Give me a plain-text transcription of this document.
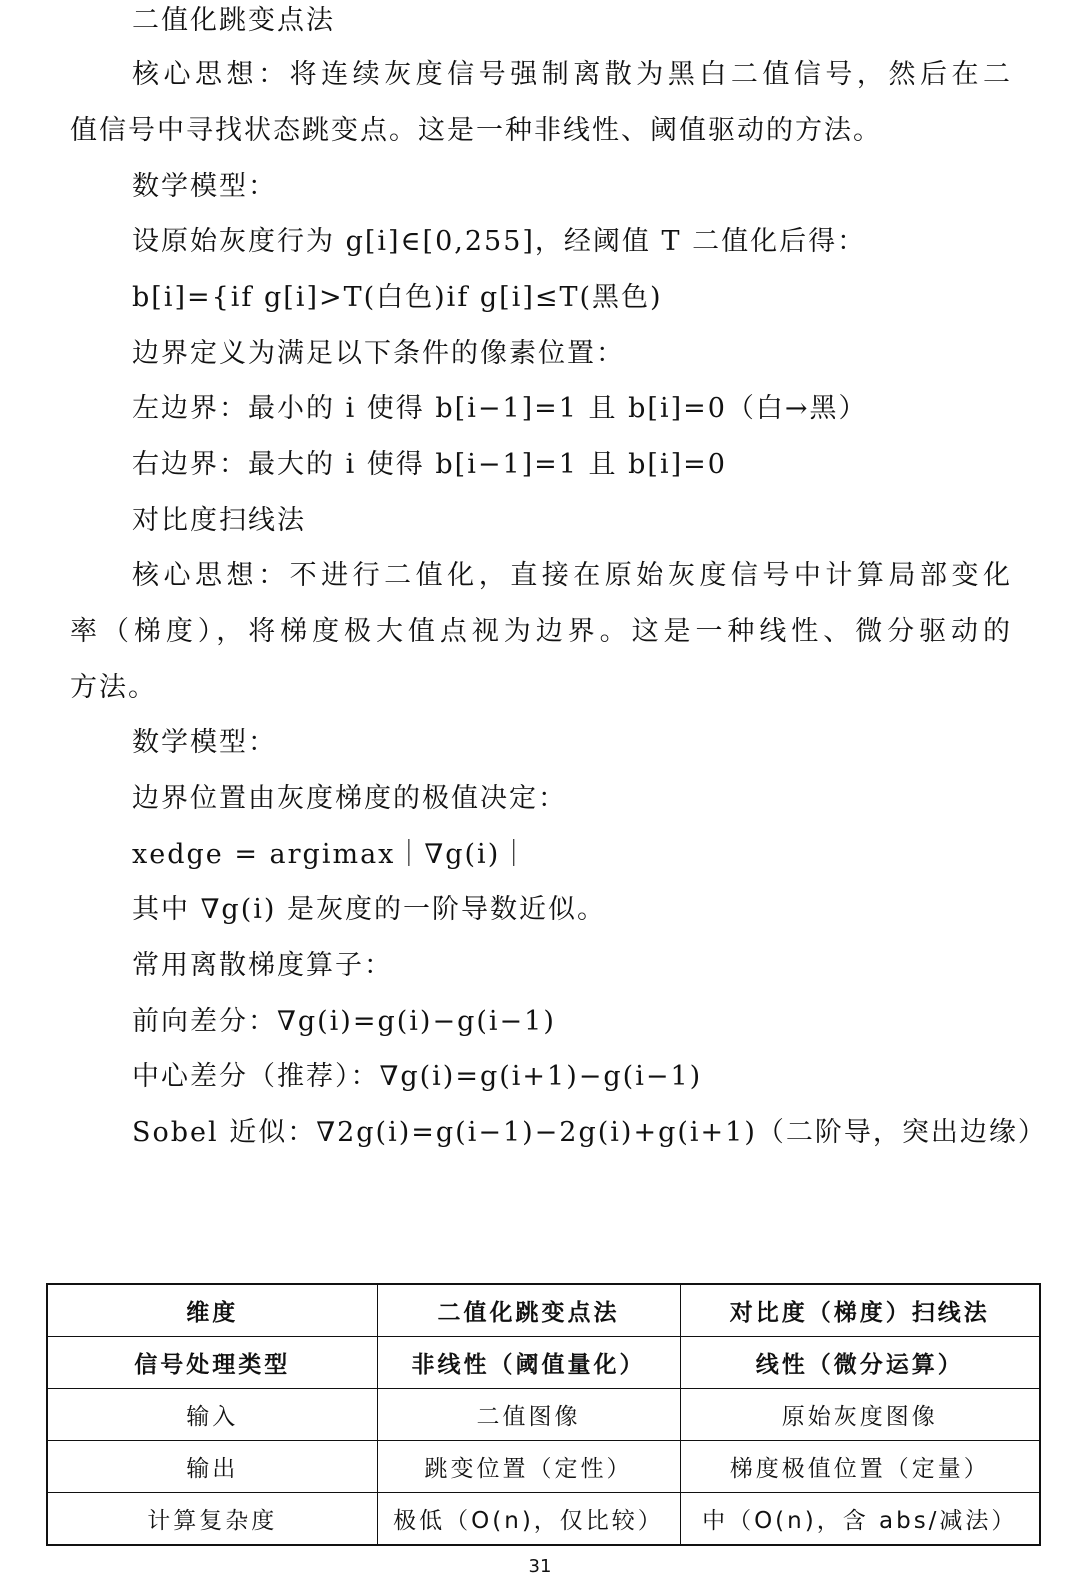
二值化跳变点法
核心思想：将连续灰度信号强制离散为黑白二值信号，然后在二
值信号中寻找状态跳变点。这是一种非线性、阈值驱动的方法。
数学模型：
设原始灰度行为 g[i]∈[0,255]，经阈值 T 二值化后得：
b[i]={if g[i]>T(白色)if g[i]≤T(黑色)
边界定义为满足以下条件的像素位置：
左边界：最小的 i 使得 b[i−1]=1 且 b[i]=0（白→黑）
右边界：最大的 i 使得 b[i−1]=1 且 b[i]=0
对比度扫线法
核心思想：不进行二值化，直接在原始灰度信号中计算局部变化
率（梯度），将梯度极大值点视为边界。这是一种线性、微分驱动的
方法。
数学模型：
边界位置由灰度梯度的极值决定：
xedge = argimax｜∇g(i)｜
其中 ∇g(i) 是灰度的一阶导数近似。
常用离散梯度算子：
前向差分：∇g(i)=g(i)−g(i−1)
中心差分（推荐）：∇g(i)=g(i+1)−g(i−1)
Sobel 近似：∇2g(i)=g(i−1)−2g(i)+g(i+1)（二阶导，突出边缘）
维度	二值化跳变点法	对比度（梯度）扫线法
信号处理类型	非线性（阈值量化）	线性（微分运算）
输入	二值图像	原始灰度图像
输出	跳变位置（定性）	梯度极值位置（定量）
计算复杂度	极低（O(n)，仅比较）	中（O(n)，含 abs/减法）
31
